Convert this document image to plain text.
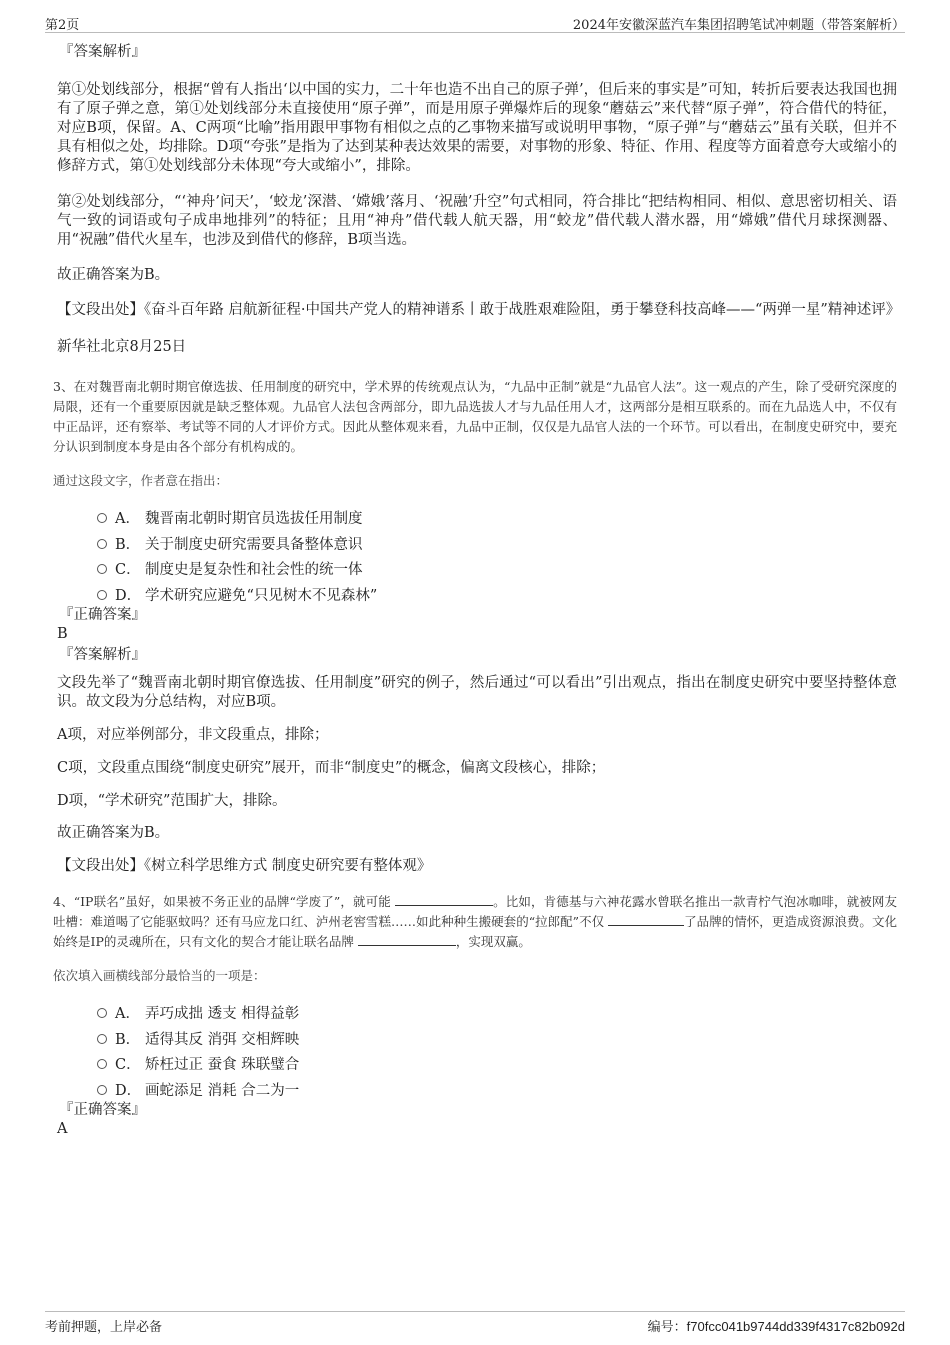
第2页	2024年安徽深蓝汽车集团招聘笔试冲刺题（带答案解析）
『答案解析』

第①处划线部分，根据“曾有人指出‘以中国的实力，二十年也造不出自己的原子弹’，但后来的事实是”可知，转折后要表达我国也拥有了原子弹之意，第①处划线部分未直接使用“原子弹”，而是用原子弹爆炸后的现象“蘑菇云”来代替“原子弹”，符合借代的特征，对应B项，保留。A、C两项“比喻”指用跟甲事物有相似之点的乙事物来描写或说明甲事物，“原子弹”与“蘑菇云”虽有关联，但并不具有相似之处，均排除。D项“夸张”是指为了达到某种表达效果的需要，对事物的形象、特征、作用、程度等方面着意夸大或缩小的修辞方式，第①处划线部分未体现“夸大或缩小”，排除。

第②处划线部分，“‘神舟’问天’，‘蛟龙’深潜、‘嫦娥’落月、‘祝融’升空”句式相同，符合排比“把结构相同、相似、意思密切相关、语气一致的词语或句子成串地排列”的特征；且用“神舟”借代载人航天器，用“蛟龙”借代载人潜水器，用“嫦娥”借代月球探测器、用“祝融”借代火星车，也涉及到借代的修辞，B项当选。

故正确答案为B。

【文段出处】《奋斗百年路 启航新征程·中国共产党人的精神谱系丨敢于战胜艰难险阻，勇于攀登科技高峰——“两弹一星”精神述评》

新华社北京8月25日

3、在对魏晋南北朝时期官僚选拔、任用制度的研究中，学术界的传统观点认为，“九品中正制”就是“九品官人法”。这一观点的产生，除了受研究深度的局限，还有一个重要原因就是缺乏整体观。九品官人法包含两部分，即九品选拔人才与九品任用人才，这两部分是相互联系的。而在九品选人中，不仅有中正品评，还有察举、考试等不同的人才评价方式。因此从整体观来看，九品中正制，仅仅是九品官人法的一个环节。可以看出，在制度史研究中，要充分认识到制度本身是由各个部分有机构成的。

通过这段文字，作者意在指出：

A． 魏晋南北朝时期官员选拔任用制度
B． 关于制度史研究需要具备整体意识
C． 制度史是复杂性和社会性的统一体
D． 学术研究应避免“只见树木不见森林”
『正确答案』
B
『答案解析』

文段先举了“魏晋南北朝时期官僚选拔、任用制度”研究的例子，然后通过“可以看出”引出观点，指出在制度史研究中要坚持整体意识。故文段为分总结构，对应B项。

A项，对应举例部分，非文段重点，排除；

C项，文段重点围绕“制度史研究”展开，而非“制度史”的概念，偏离文段核心，排除；

D项，“学术研究”范围扩大，排除。

故正确答案为B。

【文段出处】《树立科学思维方式 制度史研究要有整体观》

4、“IP联名”虽好，如果被不务正业的品牌“学废了”，就可能	。比如，肯德基与六神花露水曾联名推出一款青柠气泡冰咖啡，就被网友吐槽：难道喝了它能驱蚊吗？还有马应龙口红、泸州老窖雪糕……如此种种生搬硬套的“拉郎配”不仅	了品牌的情怀，更造成资源浪费。文化始终是IP的灵魂所在，只有文化的契合才能让联名品牌	，实现双赢。

依次填入画横线部分最恰当的一项是：

A． 弄巧成拙 透支 相得益彰
B． 适得其反 消弭 交相辉映
C． 矫枉过正 蚕食 珠联璧合
D． 画蛇添足 消耗 合二为一
『正确答案』
A
考前押题，上岸必备	编号：f70fcc041b9744dd339f4317c82b092d
